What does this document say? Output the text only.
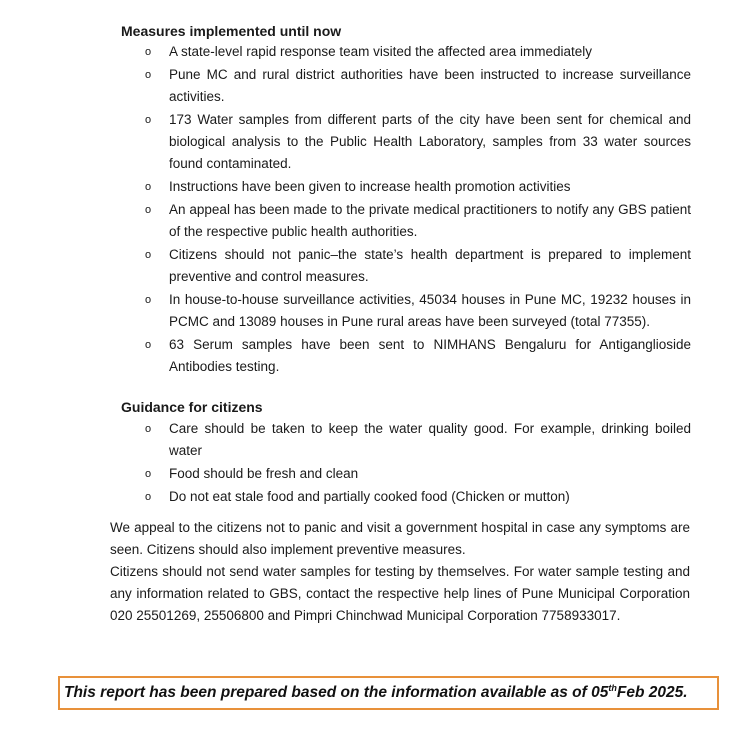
Measures implemented until now
o A state-level rapid response team visited the affected area immediately
o Pune MC and rural district authorities have been instructed to increase surveillance activities.
o 173 Water samples from different parts of the city have been sent for chemical and biological analysis to the Public Health Laboratory, samples from 33 water sources found contaminated.
o Instructions have been given to increase health promotion activities
o An appeal has been made to the private medical practitioners to notify any GBS patient of the respective public health authorities.
o Citizens should not panic–the state’s health department is prepared to implement preventive and control measures.
o In house-to-house surveillance activities, 45034 houses in Pune MC, 19232 houses in PCMC and 13089 houses in Pune rural areas have been surveyed (total 77355).
o 63 Serum samples have been sent to NIMHANS Bengaluru for Antiganglioside Antibodies testing.
Guidance for citizens
o Care should be taken to keep the water quality good. For example, drinking boiled water
o Food should be fresh and clean
o Do not eat stale food and partially cooked food (Chicken or mutton)

We appeal to the citizens not to panic and visit a government hospital in case any symptoms are seen. Citizens should also implement preventive measures.

Citizens should not send water samples for testing by themselves. For water sample testing and any information related to GBS, contact the respective help lines of Pune Municipal Corporation 020 25501269, 25506800 and Pimpri Chinchwad Municipal Corporation 7758933017.

This report has been prepared based on the information available as of 05thFeb 2025.
